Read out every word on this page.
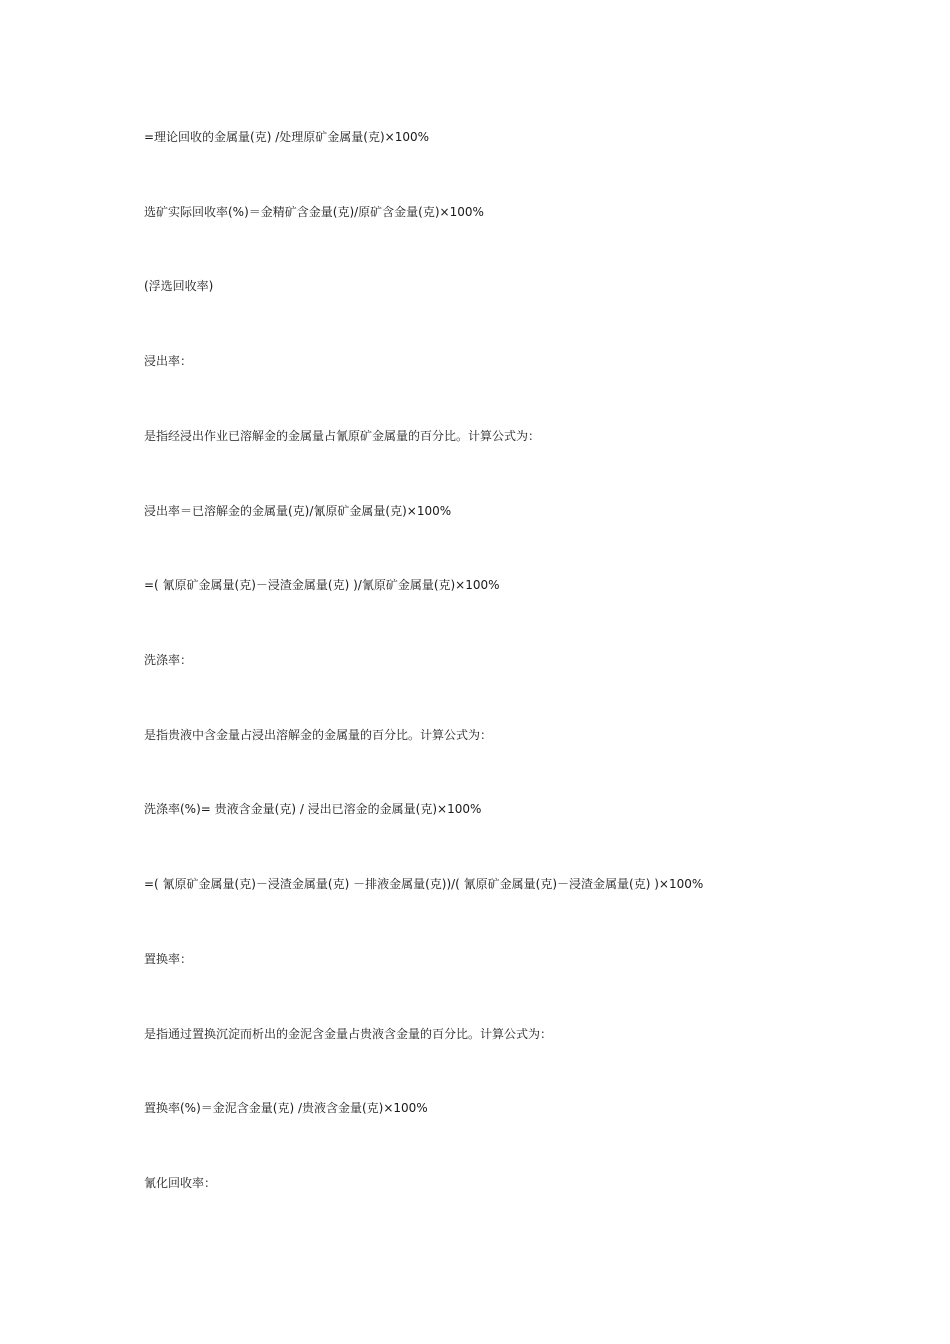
=理论回收的金属量(克) /处理原矿金属量(克)×100%
选矿实际回收率(%)＝金精矿含金量(克)/原矿含金量(克)×100%
(浮选回收率)
浸出率：
是指经浸出作业已溶解金的金属量占氰原矿金属量的百分比。计算公式为：
浸出率＝已溶解金的金属量(克)/氰原矿金属量(克)×100%
=( 氰原矿金属量(克)－浸渣金属量(克) )/氰原矿金属量(克)×100%
洗涤率：
是指贵液中含金量占浸出溶解金的金属量的百分比。计算公式为：
洗涤率(%)= 贵液含金量(克) / 浸出已溶金的金属量(克)×100%
=( 氰原矿金属量(克)－浸渣金属量(克) －排液金属量(克))/( 氰原矿金属量(克)－浸渣金属量(克) )×100%
置换率：
是指通过置换沉淀而析出的金泥含金量占贵液含金量的百分比。计算公式为：
置换率(%)＝金泥含金量(克) /贵液含金量(克)×100%
氰化回收率：
